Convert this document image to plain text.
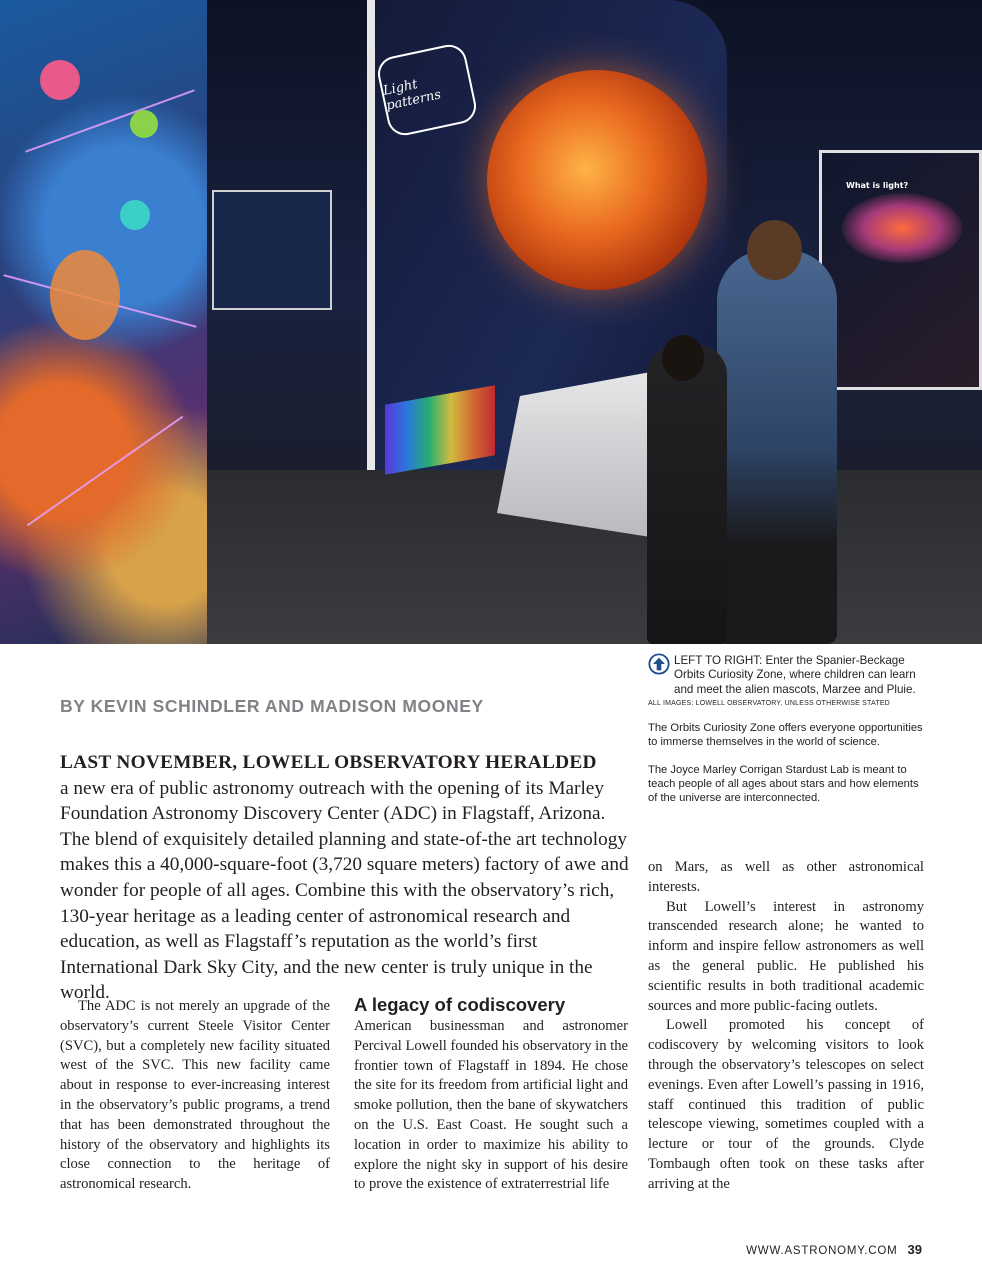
Light patterns
What is light?
BY KEVIN SCHINDLER AND MADISON MOONEY
LEFT TO RIGHT: Enter the Spanier-Beckage Orbits Curiosity Zone, where children can learn and meet the alien mascots, Marzee and Pluie.
ALL IMAGES: LOWELL OBSERVATORY, UNLESS OTHERWISE STATED
The Orbits Curiosity Zone offers everyone opportunities to immerse themselves in the world of science.
The Joyce Marley Corrigan Stardust Lab is meant to teach people of all ages about stars and how elements of the universe are interconnected.
LAST NOVEMBER, LOWELL OBSERVATORY HERALDED
a new era of public astronomy outreach with the opening of its Marley Foundation Astronomy Discovery Center (ADC) in Flagstaff, Arizona. The blend of exquisitely detailed planning and state-of-the art technology makes this a 40,000-square-foot (3,720 square meters) factory of awe and wonder for people of all ages. Combine this with the observatory’s rich, 130-year heritage as a leading center of astronomical research and education, as well as Flagstaff’s reputation as the world’s first International Dark Sky City, and the new center is truly unique in the world.
The ADC is not merely an upgrade of the observatory’s current Steele Visitor Center (SVC), but a completely new facility situated west of the SVC. This new facility came about in response to ever-increasing interest in the observatory’s public programs, a trend that has been demonstrated throughout the history of the observatory and highlights its close connection to the heritage of astronomical research.
A legacy of codiscovery

American businessman and astronomer Percival Lowell founded his observatory in the frontier town of Flagstaff in 1894. He chose the site for its freedom from artificial light and smoke pollution, then the bane of skywatchers on the U.S. East Coast. He sought such a location in order to maximize his ability to explore the night sky in support of his desire to prove the existence of extraterrestrial life

on Mars, as well as other astronomical interests.

But Lowell’s interest in astronomy transcended research alone; he wanted to inform and inspire fellow astronomers as well as the general public. He published his scientific results in both traditional academic sources and more public-facing outlets.

Lowell promoted his concept of codiscovery by welcoming visitors to look through the observatory’s telescopes on select evenings. Even after Lowell’s passing in 1916, staff continued this tradition of public telescope viewing, sometimes coupled with a lecture or tour of the grounds. Clyde Tombaugh often took on these tasks after arriving at the

WWW.ASTRONOMY.COM 39
